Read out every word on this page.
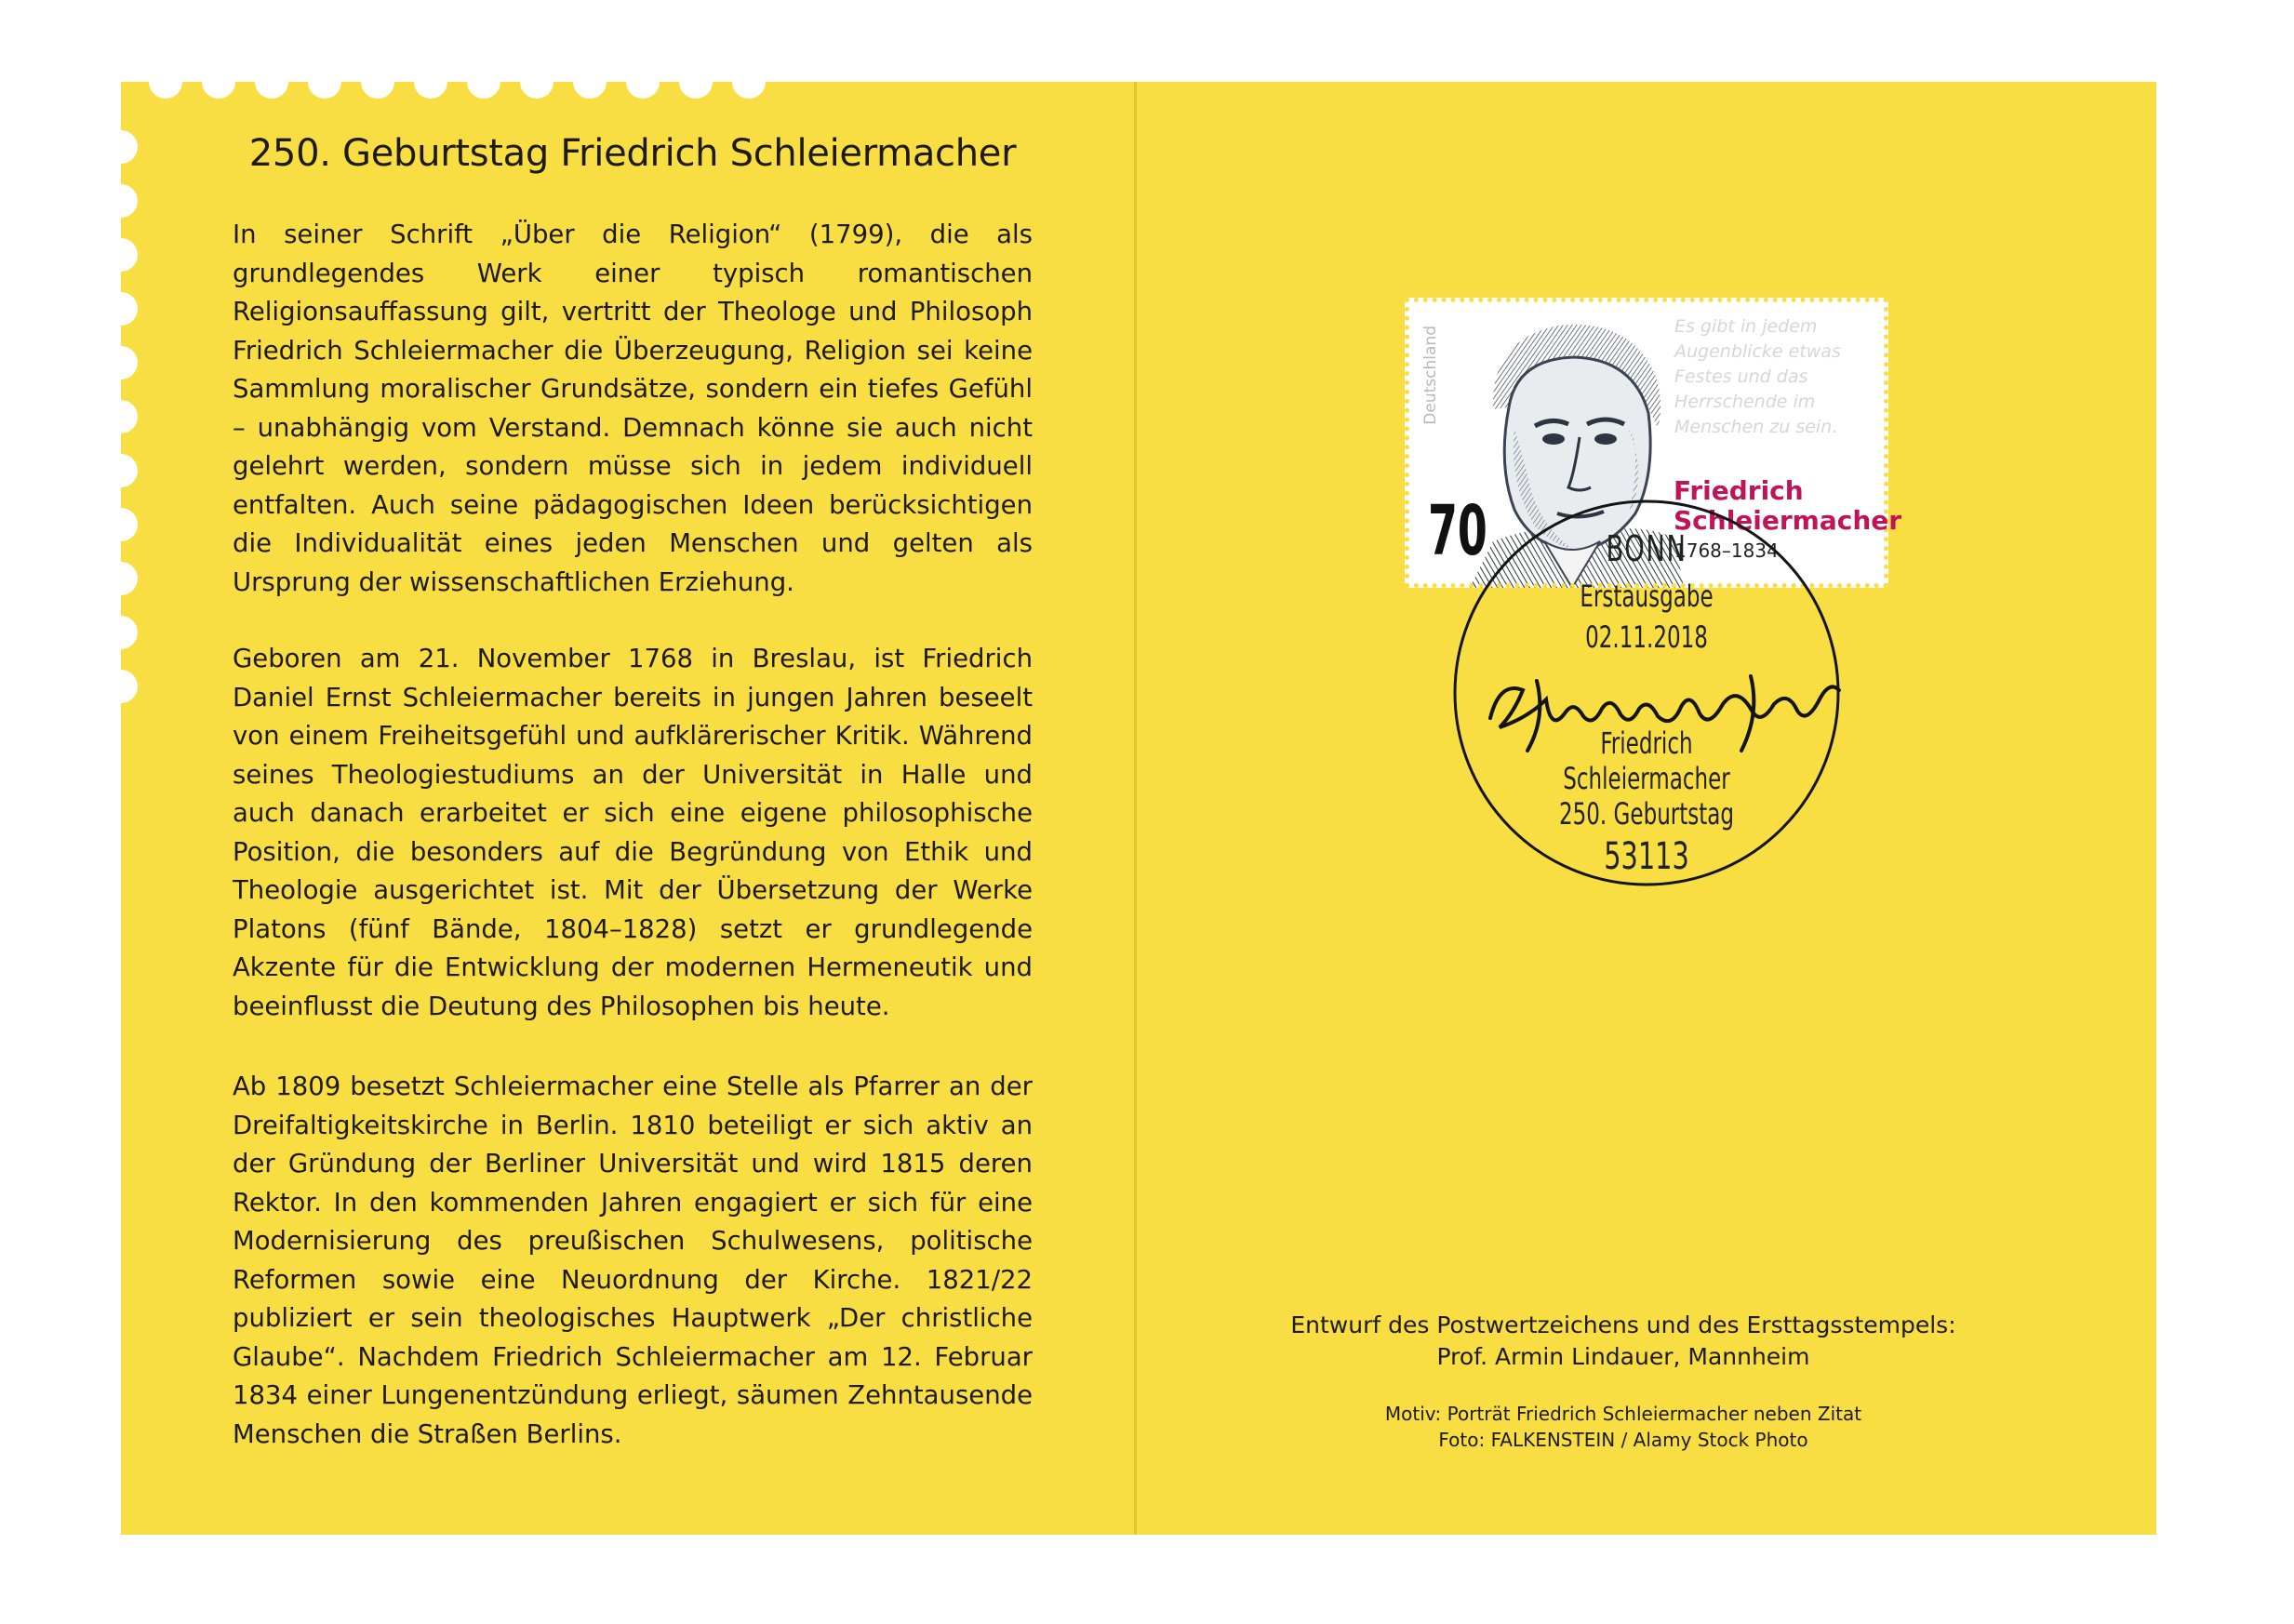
250. Geburtstag Friedrich Schleiermacher

In seiner Schrift „Über die Religion“ (1799), die als grundlegendes Werk einer typisch romantischen Religionsauffassung gilt, vertritt der Theologe und Philosoph Friedrich Schleiermacher die Überzeugung, Religion sei keine Sammlung moralischer Grundsätze, sondern ein tiefes Gefühl – unabhängig vom Verstand. Demnach könne sie auch nicht gelehrt werden, sondern müsse sich in jedem individuell entfalten. Auch seine pädagogischen Ideen berücksichtigen die Individualität eines jeden Menschen und gelten als Ursprung der wissenschaftlichen Erziehung.

Geboren am 21. November 1768 in Breslau, ist Friedrich Daniel Ernst Schleiermacher bereits in jungen Jahren beseelt von einem Freiheitsgefühl und aufklärerischer Kritik. Während seines Theologiestudiums an der Universität in Halle und auch danach erarbeitet er sich eine eigene philosophische Position, die besonders auf die Begründung von Ethik und Theologie ausgerichtet ist. Mit der Übersetzung der Werke Platons (fünf Bände, 1804–1828) setzt er grundlegende Akzente für die Entwicklung der modernen Hermeneutik und beeinflusst die Deutung des Philosophen bis heute.

Ab 1809 besetzt Schleiermacher eine Stelle als Pfarrer an der Dreifaltigkeitskirche in Berlin. 1810 beteiligt er sich aktiv an der Gründung der Berliner Universität und wird 1815 deren Rektor. In den kommenden Jahren engagiert er sich für eine Modernisierung des preußischen Schulwesens, politische Reformen sowie eine Neuordnung der Kirche. 1821/22 publiziert er sein theologisches Hauptwerk „Der christliche Glaube“. Nachdem Friedrich Schleiermacher am 12. Februar 1834 einer Lungenentzündung erliegt, säumen Zehntausende Menschen die Straßen Berlins.

Deutschland	Es gibt in jedem Augenblicke etwas Festes und das Herrschende im Menschen zu sein.
70
Friedrich
Schleiermacher
1768–1834
BONN
Erstausgabe
02.11.2018
Friedrich
Schleiermacher
250. Geburtstag
53113
Entwurf des Postwertzeichens und des Ersttagsstempels:
Prof. Armin Lindauer, Mannheim
Motiv: Porträt Friedrich Schleiermacher neben Zitat
Foto: FALKENSTEIN / Alamy Stock Photo
